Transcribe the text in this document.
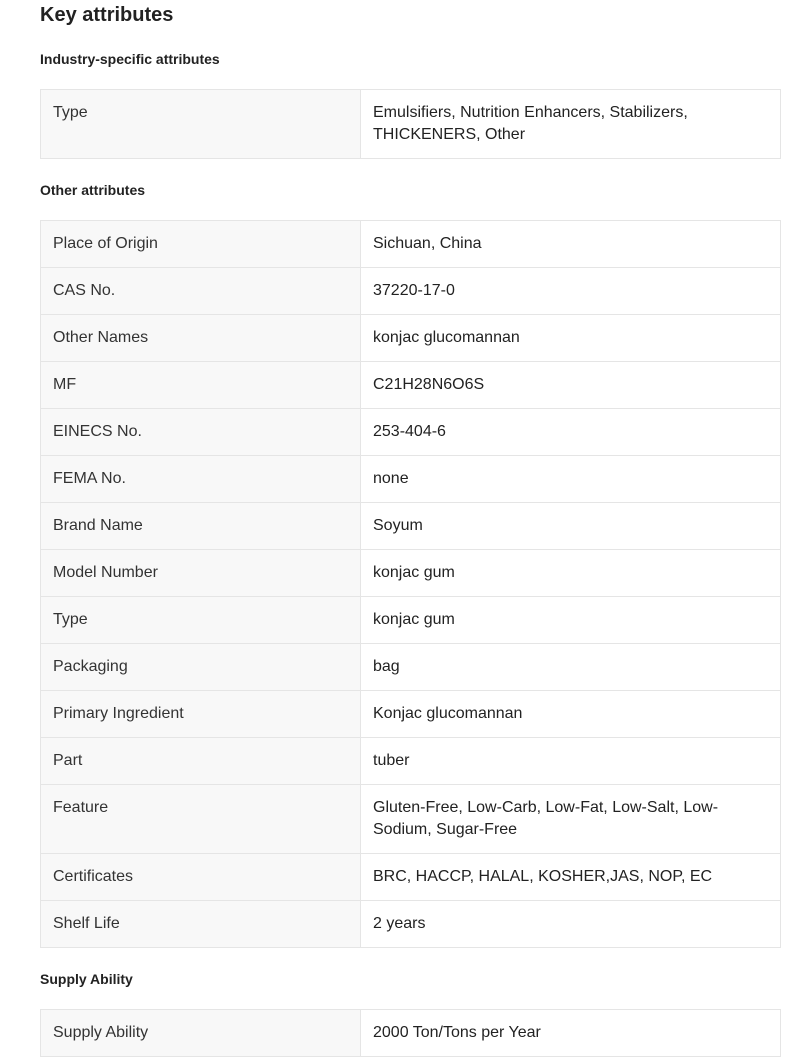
Key attributes
Industry-specific attributes
Type	Emulsifiers, Nutrition Enhancers, Stabilizers, THICKENERS, Other
Other attributes
Place of Origin	Sichuan, China
CAS No.	37220-17-0
Other Names	konjac glucomannan
MF	C21H28N6O6S
EINECS No.	253-404-6
FEMA No.	none
Brand Name	Soyum
Model Number	konjac gum
Type	konjac gum
Packaging	bag
Primary Ingredient	Konjac glucomannan
Part	tuber
Feature	Gluten-Free, Low-Carb, Low-Fat, Low-Salt, Low-Sodium, Sugar-Free
Certificates	BRC, HACCP, HALAL, KOSHER,JAS, NOP, EC
Shelf Life	2 years
Supply Ability
Supply Ability	2000 Ton/Tons per Year
